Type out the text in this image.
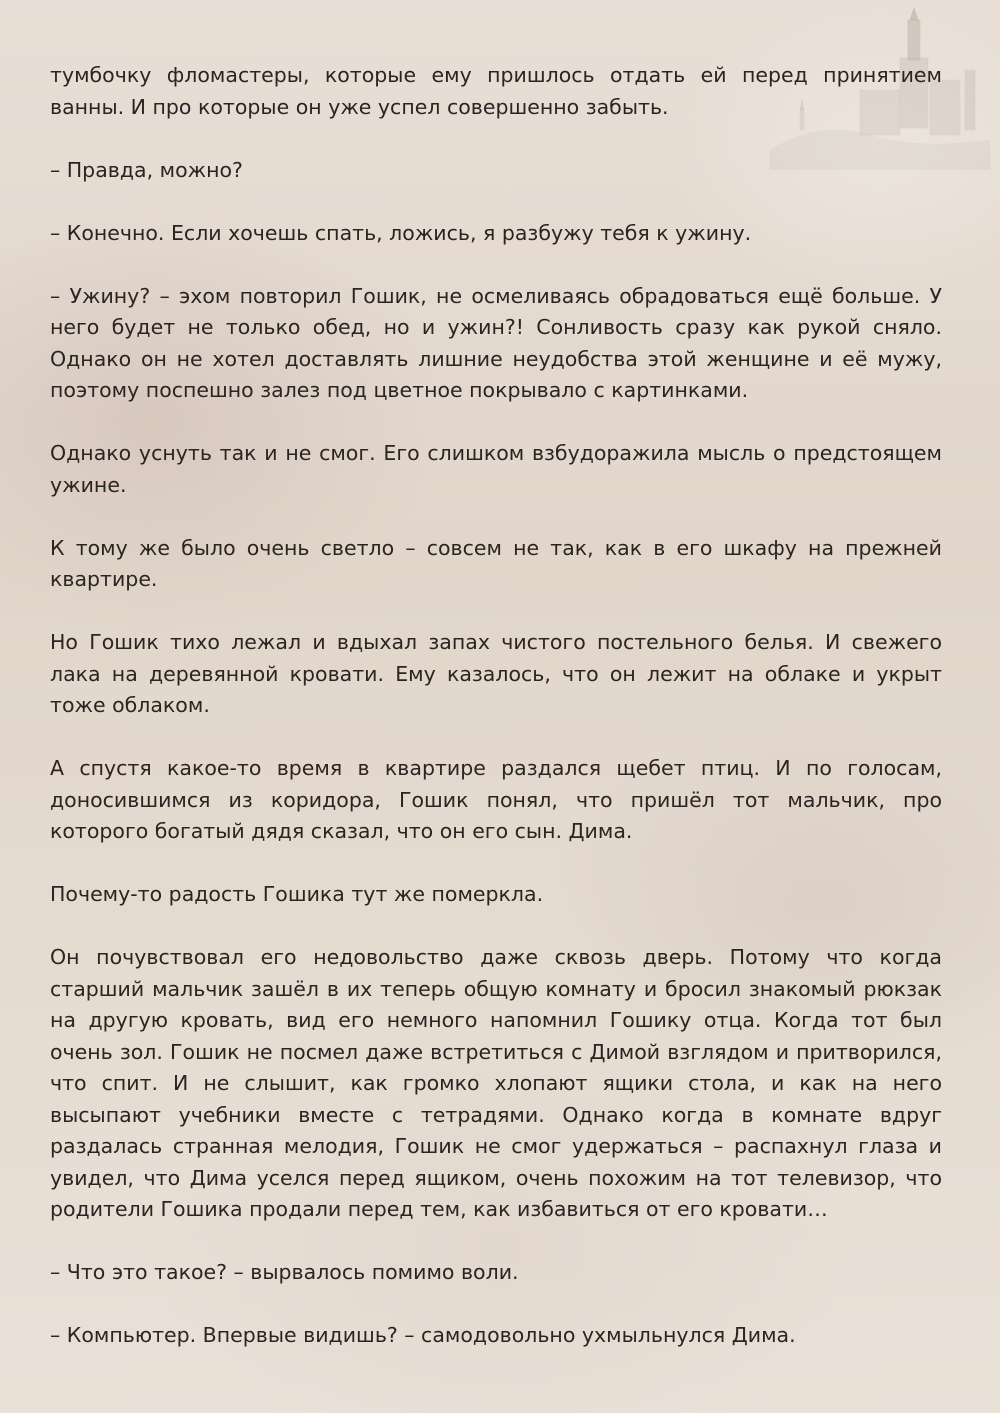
тумбочку фломастеры, которые ему пришлось отдать ей перед принятием ванны. И про которые он уже успел совершенно забыть.

– Правда, можно?

– Конечно. Если хочешь спать, ложись, я разбужу тебя к ужину.

– Ужину? – эхом повторил Гошик, не осмеливаясь обрадоваться ещё больше. У него будет не только обед, но и ужин?! Сонливость сразу как рукой сняло. Однако он не хотел доставлять лишние неудобства этой женщине и её мужу, поэтому поспешно залез под цветное покрывало с картинками.

Однако уснуть так и не смог. Его слишком взбудоражила мысль о предстоящем ужине.

К тому же было очень светло – совсем не так, как в его шкафу на прежней квартире.

Но Гошик тихо лежал и вдыхал запах чистого постельного белья. И свежего лака на деревянной кровати. Ему казалось, что он лежит на облаке и укрыт тоже облаком.

А спустя какое-то время в квартире раздался щебет птиц. И по голосам, доносившимся из коридора, Гошик понял, что пришёл тот мальчик, про которого богатый дядя сказал, что он его сын. Дима.

Почему-то радость Гошика тут же померкла.

Он почувствовал его недовольство даже сквозь дверь. Потому что когда старший мальчик зашёл в их теперь общую комнату и бросил знакомый рюкзак на другую кровать, вид его немного напомнил Гошику отца. Когда тот был очень зол. Гошик не посмел даже встретиться с Димой взглядом и притворился, что спит. И не слышит, как громко хлопают ящики стола, и как на него высыпают учебники вместе с тетрадями. Однако когда в комнате вдруг раздалась странная мелодия, Гошик не смог удержаться – распахнул глаза и увидел, что Дима уселся перед ящиком, очень похожим на тот телевизор, что родители Гошика продали перед тем, как избавиться от его кровати…

– Что это такое? – вырвалось помимо воли.

– Компьютер. Впервые видишь? – самодовольно ухмыльнулся Дима.
